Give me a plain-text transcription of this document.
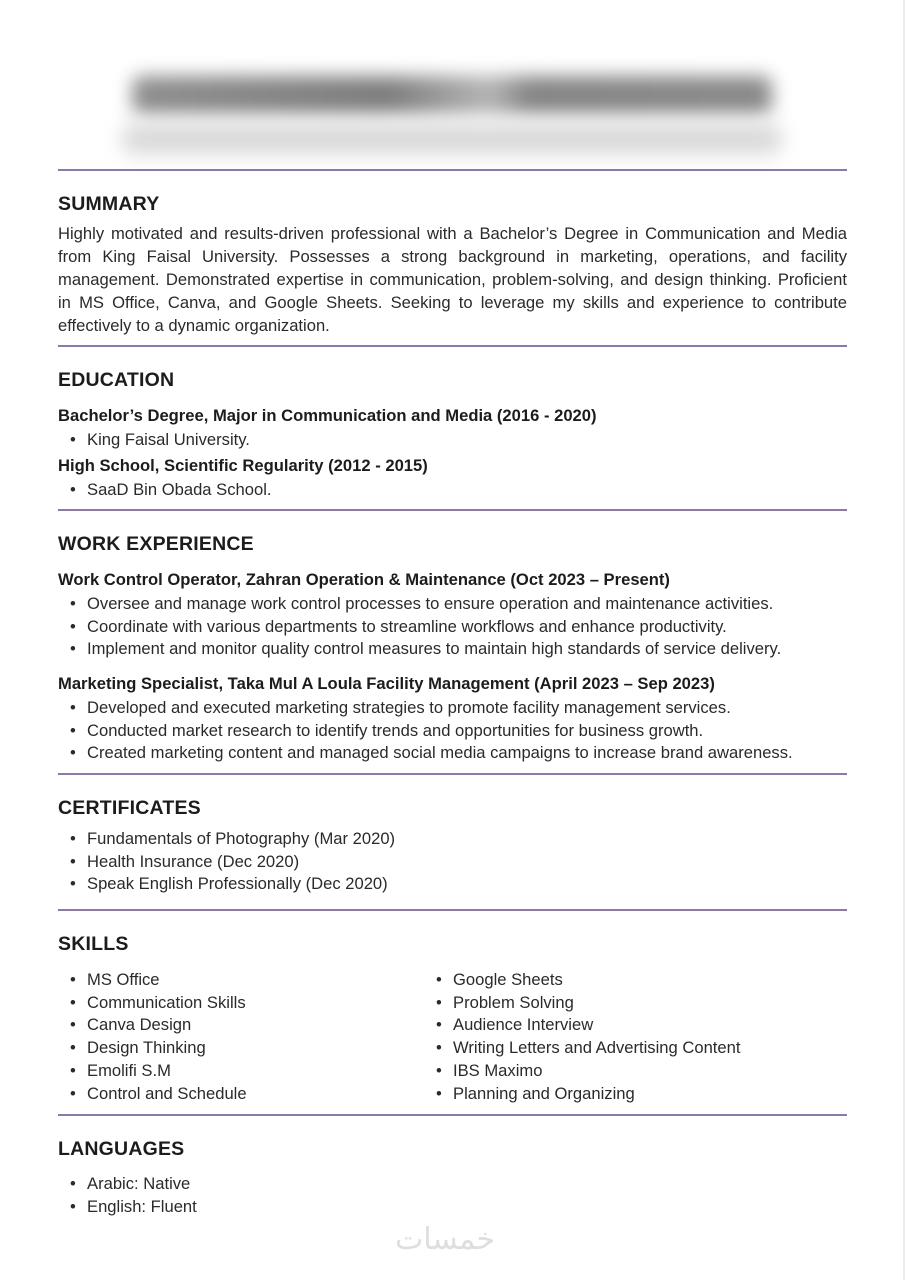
SUMMARY
Highly motivated and results-driven professional with a Bachelor’s Degree in Communication and Media from King Faisal University. Possesses a strong background in marketing, operations, and facility management. Demonstrated expertise in communication, problem-solving, and design thinking. Proficient in MS Office, Canva, and Google Sheets. Seeking to leverage my skills and experience to contribute effectively to a dynamic organization.
EDUCATION
Bachelor’s Degree, Major in Communication and Media (2016 - 2020)
• King Faisal University.
High School, Scientific Regularity (2012 - 2015)
• SaaD Bin Obada School.
WORK EXPERIENCE
Work Control Operator, Zahran Operation & Maintenance (Oct 2023 – Present)
• Oversee and manage work control processes to ensure operation and maintenance activities.
• Coordinate with various departments to streamline workflows and enhance productivity.
• Implement and monitor quality control measures to maintain high standards of service delivery.
Marketing Specialist, Taka Mul A Loula Facility Management (April 2023 – Sep 2023)
• Developed and executed marketing strategies to promote facility management services.
• Conducted market research to identify trends and opportunities for business growth.
• Created marketing content and managed social media campaigns to increase brand awareness.
CERTIFICATES
• Fundamentals of Photography (Mar 2020)
• Health Insurance (Dec 2020)
• Speak English Professionally (Dec 2020)
SKILLS
• MS Office
• Communication Skills
• Canva Design
• Design Thinking
• Emolifi S.M
• Control and Schedule
• Google Sheets
• Problem Solving
• Audience Interview
• Writing Letters and Advertising Content
• IBS Maximo
• Planning and Organizing
LANGUAGES
• Arabic: Native
• English: Fluent
خمسات
